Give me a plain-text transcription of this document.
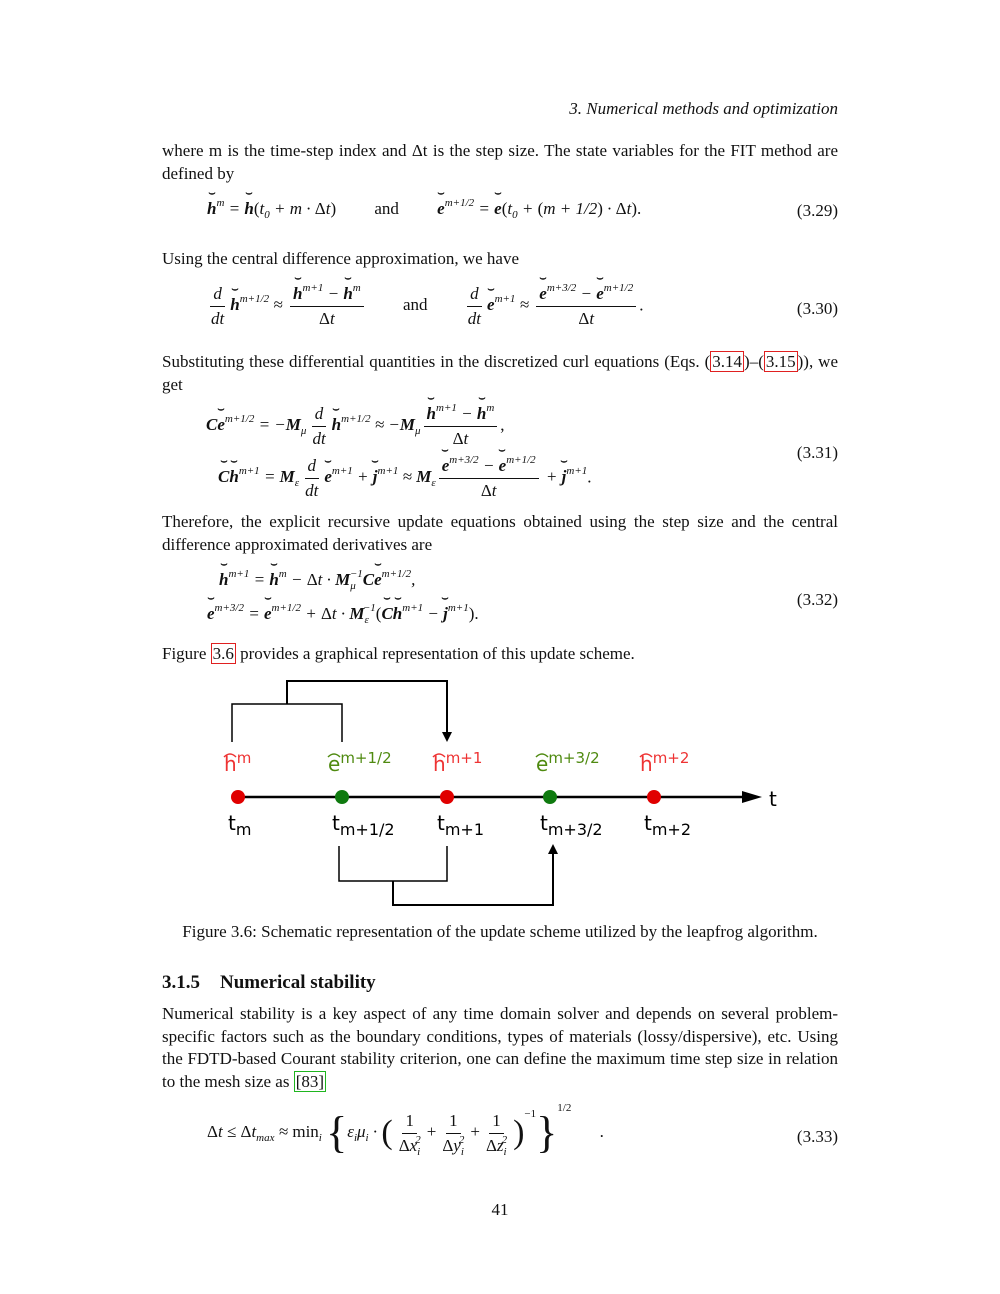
3. Numerical methods and optimization
where m is the time-step index and Δt is the step size. The state variables for the FIT method are defined by
⌢ $h^m$ = ⌢ $h(t_0 + m \cdot \Delta t)$ and ⌢ $e^{m+1/2}$ = ⌢ $e(t_0 + (m + 1/2) \cdot \Delta t)$.	(3.29)
Using the central difference approximation, we have
$\frac{d}{dt}$ ⌢ $h^{m+1/2}$ ≈ ⌢ $\frac{h^{m+1} - ⌢ h^m}{\Delta t}$ and $\frac{d}{dt}$ ⌢ $e^{m+1}$ ≈ ⌢ $\frac{e^{m+3/2} - ⌢ e^{m+1/2}}{\Delta t}$ .	(3.30)
Substituting these differential quantities in the discretized curl equations (Eqs. ( 3.14 )–( 3.15 )), we get
C⌢ $e^{m+1/2} = -M_\mu \frac{d}{dt}$ ⌢ $h^{m+1/2} \approx -M_\mu$ ⌢ $\frac{h^{m+1} - ⌢ h^m}{\Delta t}$ ,
⌢ C⌢ $h^{m+1} = M_\varepsilon \frac{d}{dt}$ ⌢ $e^{m+1}$ + ⌢ $j^{m+1} \approx M_\varepsilon$ ⌢ $\frac{e^{m+3/2} - ⌢ e^{m+1/2}}{\Delta t}$ + ⌢ $j^{m+1}$.
(3.31)
Therefore, the explicit recursive update equations obtained using the step size and the central difference approximated derivatives are
⌢ $h^{m+1}$ = ⌢ $h^m - \Delta t$ · $M_\mu^{-1}C⌢$ $e^{m+1/2}$,
⌢ $e^{m+3/2}$ = ⌢ $e^{m+1/2} + \Delta t$ · $M_\varepsilon^{-1}(⌢$ C⌢ $h^{m+1}$ − ⌢ $j^{m+1}$).
(3.32)
Figure 3.6 provides a graphical representation of this update scheme.
t
$h^m$	$e^{m+1/2}$ $h^{m+1}$	$e^{m+3/2}$ $h^{m+2}$
$t_m$	$t_{m+1/2}$ $t_{m+1}$	$t_{m+3/2}$ $t_{m+2}$
Figure 3.6: Schematic representation of the update scheme utilized by the leapfrog algorithm.
3.1.5 Numerical stability
Numerical stability is a key aspect of any time domain solver and depends on several problem-specific factors such as the boundary conditions, types of materials (lossy/dispersive), etc. Using the FDTD-based Courant stability criterion, one can define the maximum time step size in relation to the mesh size as [83]
$\Delta t \le \Delta t_{max} \approx \min_i \{\varepsilon_i\mu_i$ · ( $\frac{1}{\Delta x_i^2} + \frac{1}{\Delta y_i^2} + \frac{1}{\Delta z_i^2} )^{-1}\}^{1/2}$ .	(3.33)
41
